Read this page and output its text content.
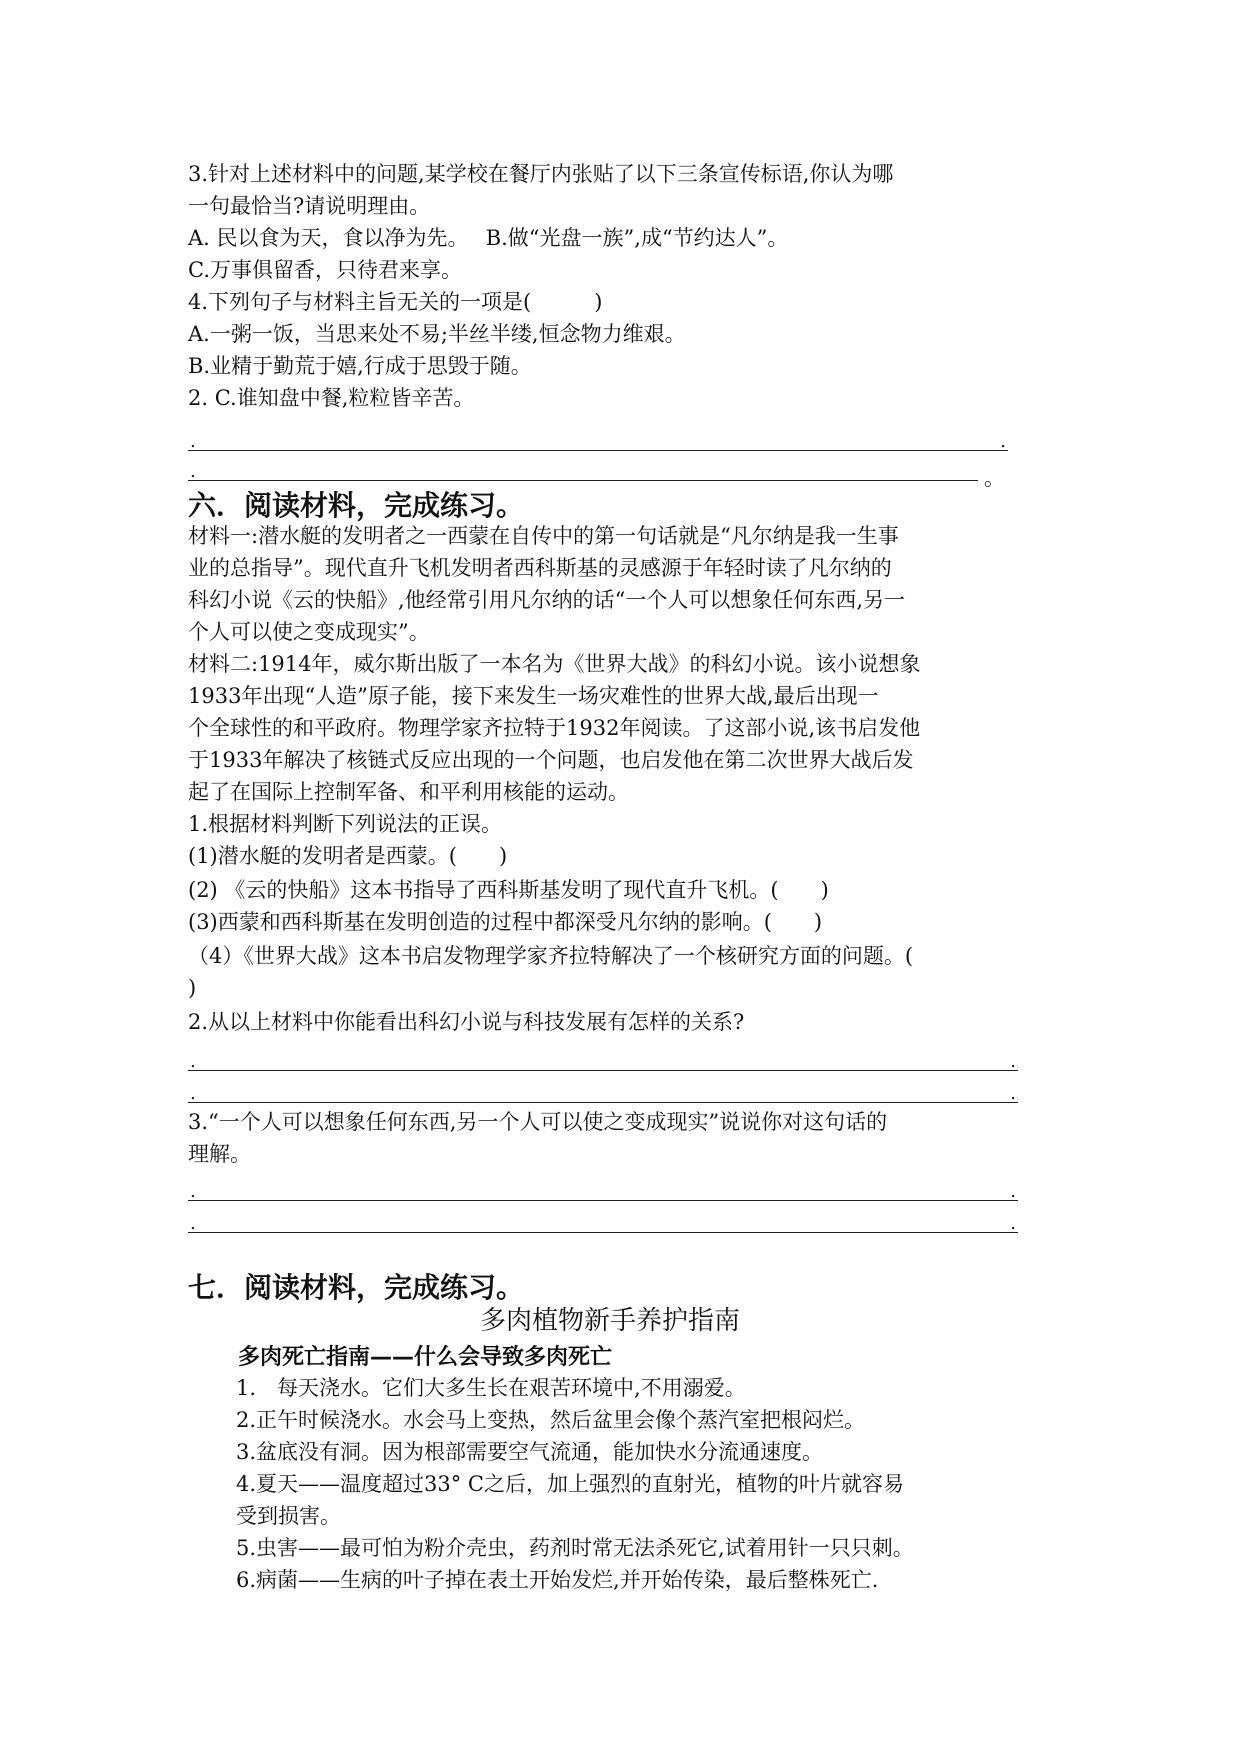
3.针对上述材料中的问题,某学校在餐厅内张贴了以下三条宣传标语,你认为哪
一句最恰当?请说明理由。
A. 民以食为天，食以净为先。　 B.做“光盘一族”,成“节约达人”。
C.万事俱留香，只待君来享。
4.下列句子与材料主旨无关的一项是(　　　)
A.一粥一饭，当思来处不易;半丝半缕,恒念物力维艰。
B.业精于勤荒于嬉,行成于思毁于随。
2. C.谁知盘中餐,粒粒皆辛苦。
.	.
.	。
六．阅读材料，完成练习。
材料一:潜水艇的发明者之一西蒙在自传中的第一句话就是“凡尔纳是我一生事
业的总指导”。现代直升飞机发明者西科斯基的灵感源于年轻时读了凡尔纳的
科幻小说《云的快船》,他经常引用凡尔纳的话“一个人可以想象任何东西,另一
个人可以使之变成现实”。
材料二:1914年，威尔斯出版了一本名为《世界大战》的科幻小说。该小说想象
1933年出现“人造”原子能，接下来发生一场灾难性的世界大战,最后出现一
个全球性的和平政府。物理学家齐拉特于1932年阅读。了这部小说,该书启发他
于1933年解决了核链式反应出现的一个问题，也启发他在第二次世界大战后发
起了在国际上控制军备、和平利用核能的运动。
1.根据材料判断下列说法的正误。
(1)潜水艇的发明者是西蒙。(　　)
(2) 《云的快船》这本书指导了西科斯基发明了现代直升飞机。(　　)
(3)西蒙和西科斯基在发明创造的过程中都深受凡尔纳的影响。(　　)
（4）《世界大战》这本书启发物理学家齐拉特解决了一个核研究方面的问题。(
)
2.从以上材料中你能看出科幻小说与科技发展有怎样的关系?
.	.
.	.
3.“一个人可以想象任何东西,另一个人可以使之变成现实”说说你对这句话的
理解。
.	.
.	.
七．阅读材料，完成练习。
多肉植物新手养护指南
多肉死亡指南——什么会导致多肉死亡
1.　每天浇水。它们大多生长在艰苦环境中,不用溺爱。
2.正午时候浇水。水会马上变热，然后盆里会像个蒸汽室把根闷烂。
3.盆底没有洞。因为根部需要空气流通，能加快水分流通速度。
4.夏天——温度超过33° C之后，加上强烈的直射光，植物的叶片就容易
受到损害。
5.虫害——最可怕为粉介壳虫，药剂时常无法杀死它,试着用针一只只刺。
6.病菌——生病的叶子掉在表土开始发烂,并开始传染，最后整株死亡.
